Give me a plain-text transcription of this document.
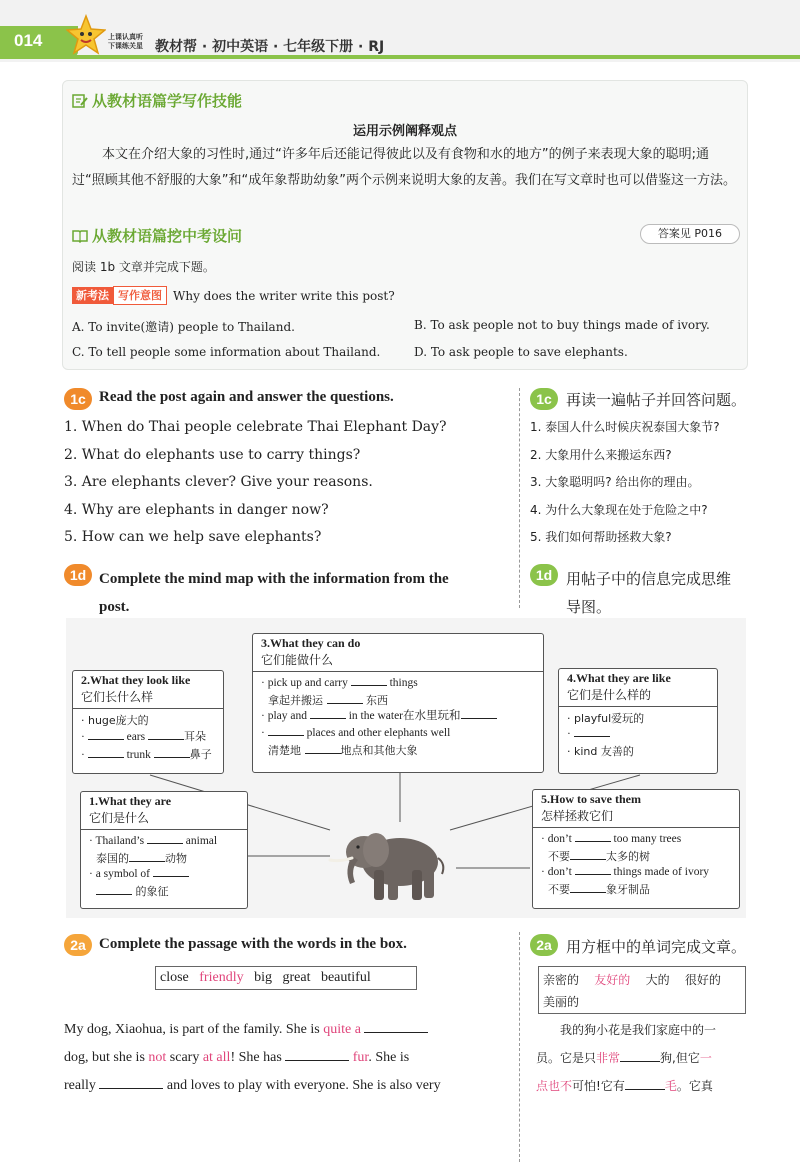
014	上课认真听
下课练关星 教材帮 · 初中英语 · 七年级下册 · RJ
从教材语篇学写作技能
运用示例阐释观点
本文在介绍大象的习性时,通过“许多年后还能记得彼此以及有食物和水的地方”的例子来表现大象的聪明;通过“照顾其他不舒服的大象”和“成年象帮助幼象”两个示例来说明大象的友善。我们在写文章时也可以借鉴这一方法。
从教材语篇挖中考设问	答案见 P016
阅读 1b 文章并完成下题。
新考法 写作意图 Why does the writer write this post?
A. To invite(邀请) people to Thailand.	B. To ask people not to buy things made of ivory.
C. To tell people some information about Thailand.	D. To ask people to save elephants.
1c Read the post again and answer the questions.	1c 再读一遍帖子并回答问题。
1. When do Thai people celebrate Thai Elephant Day?
2. What do elephants use to carry things?
3. Are elephants clever? Give your reasons.
4. Why are elephants in danger now?
5. How can we help save elephants?
1. 泰国人什么时候庆祝泰国大象节?
2. 大象用什么来搬运东西?
3. 大象聪明吗? 给出你的理由。
4. 为什么大象现在处于危险之中?
5. 我们如何帮助拯救大象?
1d Complete the mind map with the information from the
post.
1d 用帖子中的信息完成思维
导图。
2.What they look like
它们长什么样
· huge庞大的
·	ears	耳朵
·	trunk	鼻子
3.What they can do
它们能做什么
· pick up and carry	things
拿起并搬运	东西
· play and	in the water在水里玩和
·	places and other elephants well
清楚地	地点和其他大象
4.What they are like
它们是什么样的
· playful爱玩的
·
· kind 友善的
1.What they are
它们是什么
· Thailand’s	animal
泰国的	动物
· a symbol of
的象征
5.How to save them
怎样拯救它们
· don’t	too many trees
不要	太多的树
· don’t	things made of ivory
不要	象牙制品
2a Complete the passage with the words in the box.	2a 用方框中的单词完成文章。
close friendly big great beautiful	亲密的 友好的 大的 很好的
美丽的
My dog, Xiaohua, is part of the family. She is quite a
dog, but she is not scary at all! She has	fur. She is
really	and loves to play with everyone. She is also very
我的狗小花是我们家庭中的一
员。它是只非常	狗,但它一
点也不可怕!它有	毛。它真
